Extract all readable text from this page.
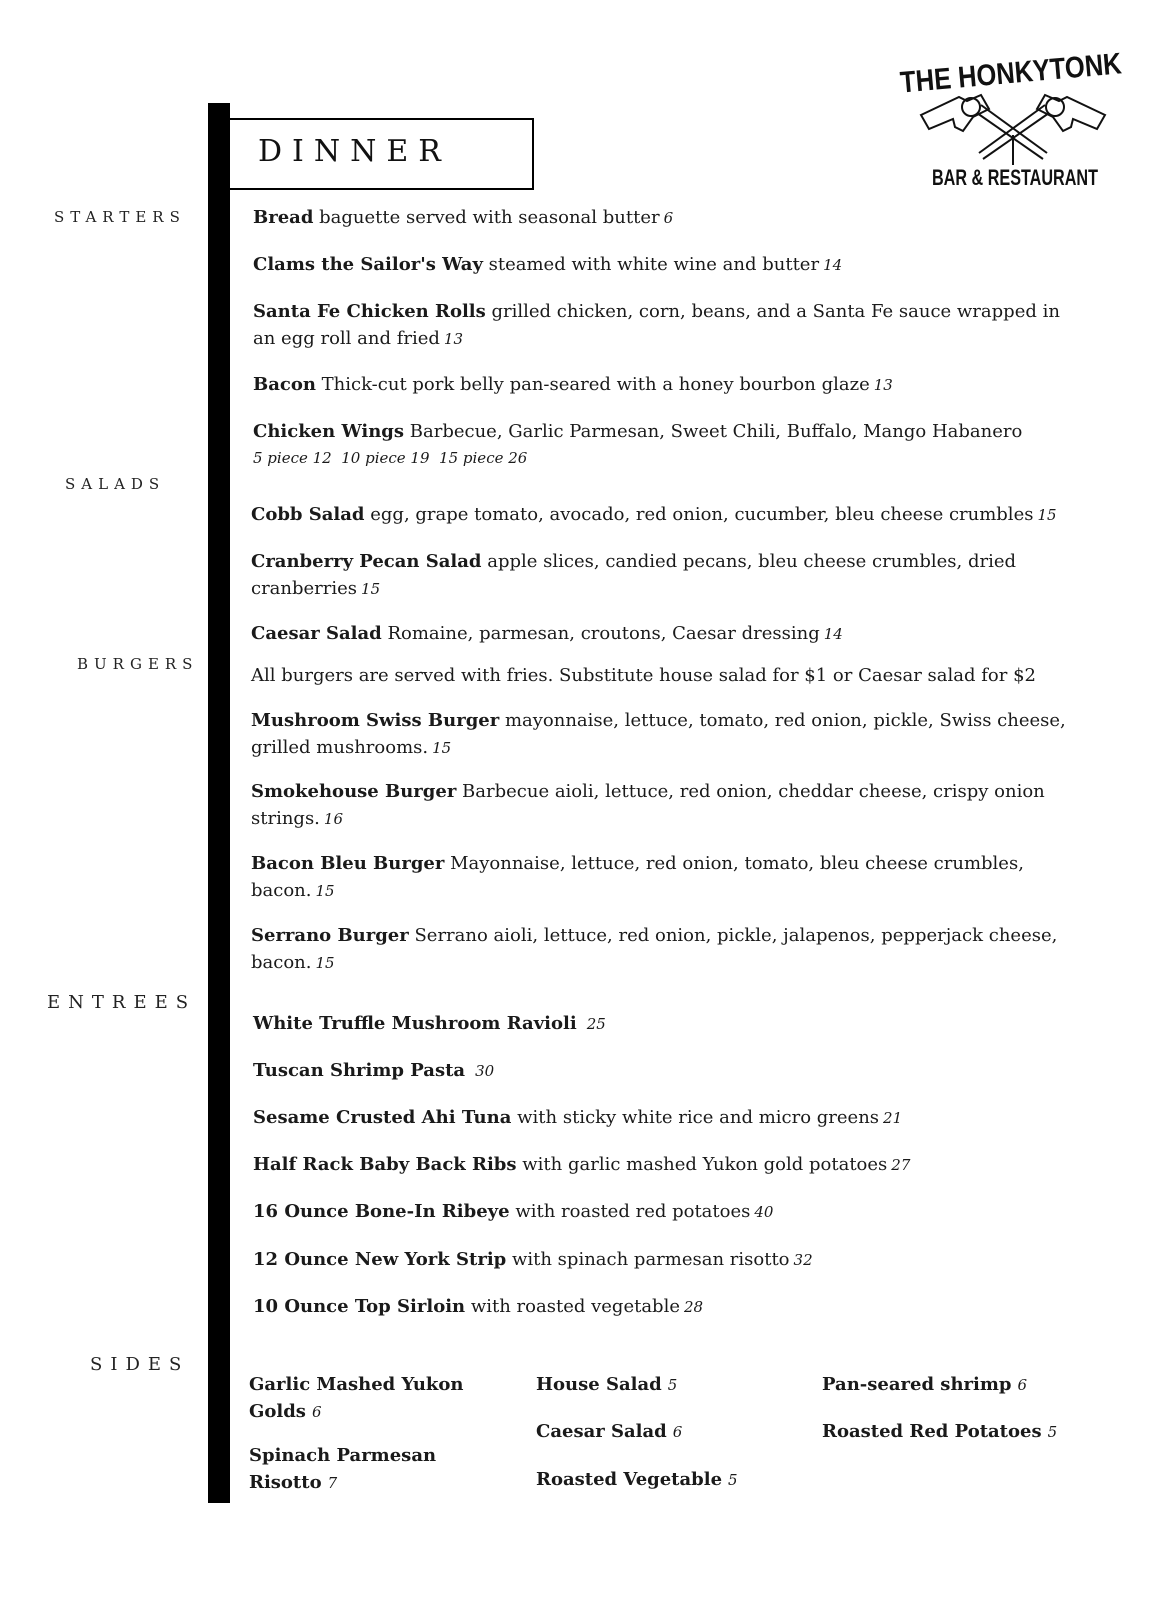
THE HONKYTONK
BAR & RESTAURANT
DINNER
STARTERS
SALADS
BURGERS
ENTREES
SIDES
Bread baguette served with seasonal butter 6
Clams the Sailor's Way steamed with white wine and butter 14
Santa Fe Chicken Rolls grilled chicken, corn, beans, and a Santa Fe sauce wrapped in an egg roll and fried 13
Bacon Thick-cut pork belly pan-seared with a honey bourbon glaze 13
Chicken Wings Barbecue, Garlic Parmesan, Sweet Chili, Buffalo, Mango Habanero
5 piece 12  10 piece 19  15 piece 26
Cobb Salad egg, grape tomato, avocado, red onion, cucumber, bleu cheese crumbles 15
Cranberry Pecan Salad apple slices, candied pecans, bleu cheese crumbles, dried cranberries 15
Caesar Salad Romaine, parmesan, croutons, Caesar dressing 14
All burgers are served with fries. Substitute house salad for $1 or Caesar salad for $2
Mushroom Swiss Burger mayonnaise, lettuce, tomato, red onion, pickle, Swiss cheese, grilled mushrooms. 15
Smokehouse Burger Barbecue aioli, lettuce, red onion, cheddar cheese, crispy onion strings. 16
Bacon Bleu Burger Mayonnaise, lettuce, red onion, tomato, bleu cheese crumbles, bacon. 15
Serrano Burger Serrano aioli, lettuce, red onion, pickle, jalapenos, pepperjack cheese, bacon. 15
White Truffle Mushroom Ravioli 25
Tuscan Shrimp Pasta 30
Sesame Crusted Ahi Tuna with sticky white rice and micro greens 21
Half Rack Baby Back Ribs with garlic mashed Yukon gold potatoes 27
16 Ounce Bone-In Ribeye with roasted red potatoes 40
12 Ounce New York Strip with spinach parmesan risotto 32
10 Ounce Top Sirloin with roasted vegetable 28
Garlic Mashed Yukon Golds 6
Spinach Parmesan Risotto 7
House Salad 5
Caesar Salad 6
Roasted Vegetable 5
Pan-seared shrimp 6
Roasted Red Potatoes 5
